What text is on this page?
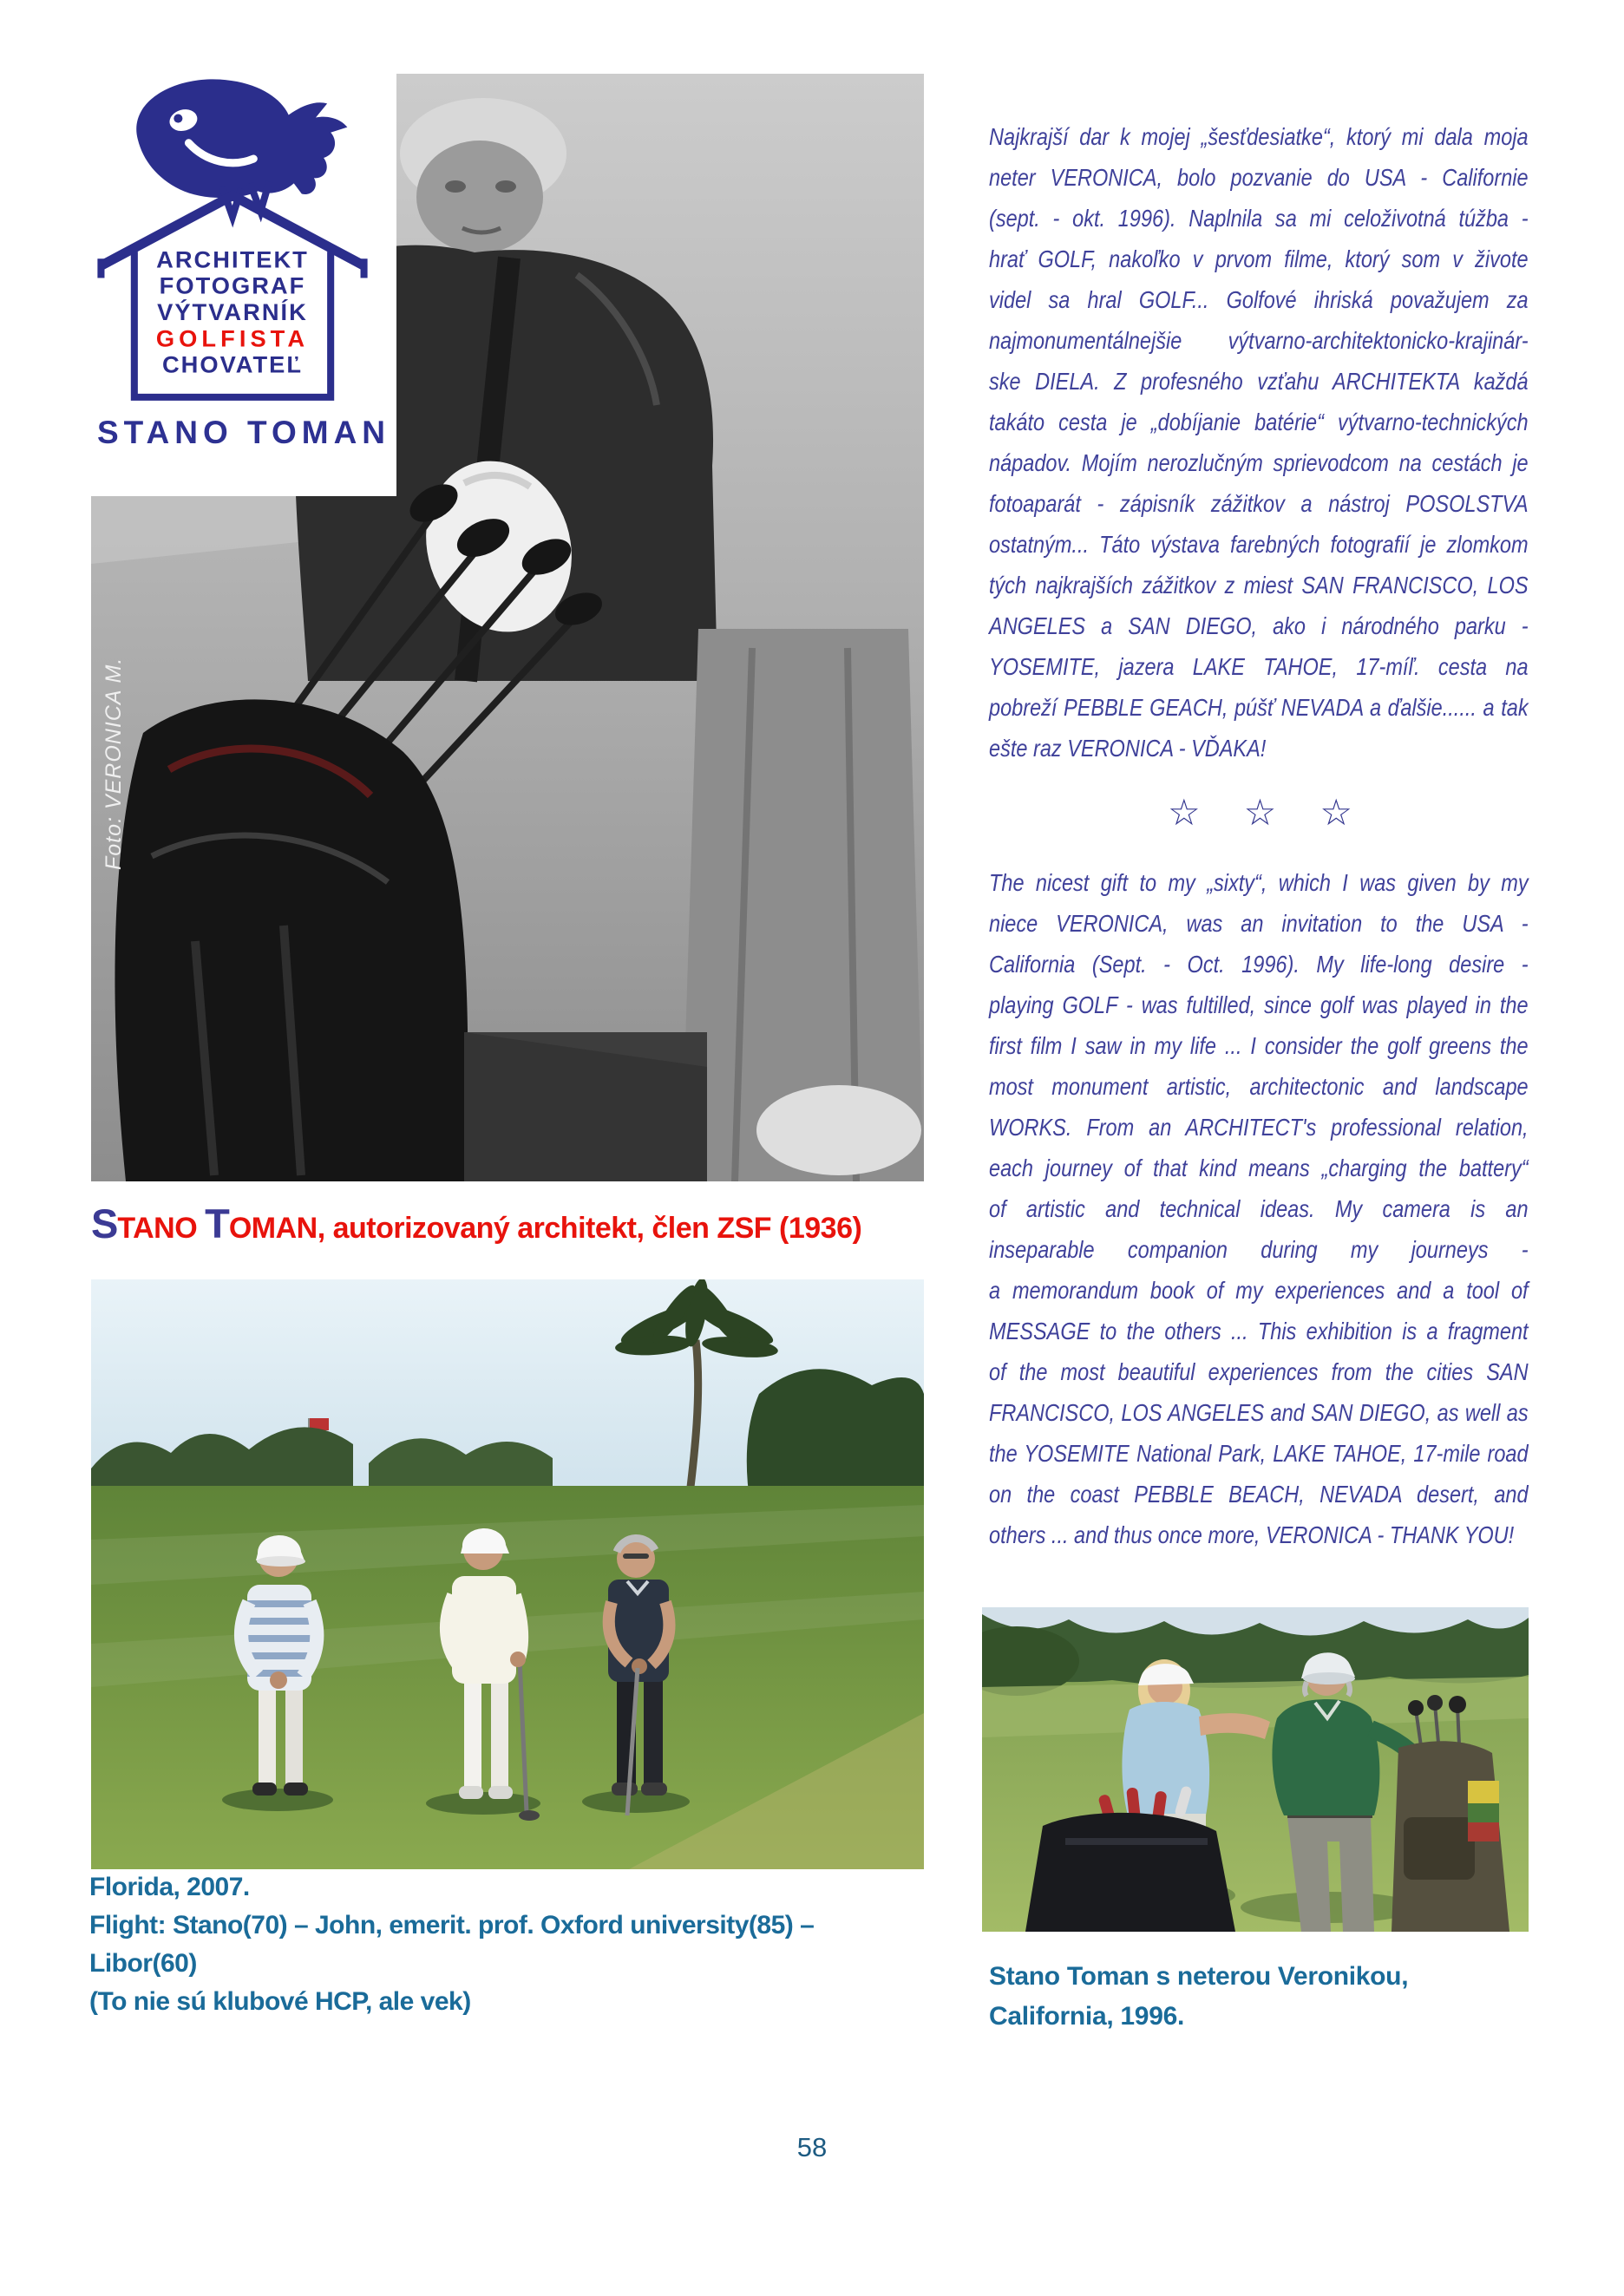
Foto: VERONICA M.
ARCHITEKT
FOTOGRAF
VÝTVARNÍK
GOLFISTA
CHOVATEĽ
STANO TOMAN
STANO TOMAN, autorizovaný architekt, člen ZSF (1936)
Florida, 2007.
Flight: Stano(70) – John, emerit. prof. Oxford university(85) –
Libor(60)
(To nie sú klubové HCP, ale vek)
Najkrajší dar k mojej „šesťdesiatke“, ktorý mi dala moja
neter VERONICA, bolo pozvanie do USA - Californie
(sept. - okt. 1996). Naplnila sa mi celoživotná túžba -
hrať GOLF, nakoľko v prvom filme, ktorý som v živote
videl sa hral GOLF... Golfové ihriská považujem za
najmonumentálnejšie výtvarno-architektonicko-krajinár-
ske DIELA. Z profesného vzťahu ARCHITEKTA každá
takáto cesta je „dobíjanie batérie“ výtvarno-technických
nápadov. Mojím nerozlučným sprievodcom na cestách je
fotoaparát - zápisník zážitkov a nástroj POSOLSTVA
ostatným... Táto výstava farebných fotografií je zlomkom
tých najkrajších zážitkov z miest SAN FRANCISCO, LOS
ANGELES a SAN DIEGO, ako i národného parku -
YOSEMITE, jazera LAKE TAHOE, 17-míľ. cesta na
pobreží PEBBLE GEACH, púšť NEVADA a ďalšie...... a tak
ešte raz VERONICA - VĎAKA!
☆ ☆ ☆
The nicest gift to my „sixty“, which I was given by my
niece VERONICA, was an invitation to the USA -
California (Sept. - Oct. 1996). My life-long desire -
playing GOLF - was fultilled, since golf was played in the
first film I saw in my life ... I consider the golf greens the
most monument artistic, architectonic and landscape
WORKS. From an ARCHITECT's professional relation,
each journey of that kind means „charging the battery“
of artistic and technical ideas. My camera is an
inseparable companion during my journeys -
a memorandum book of my experiences and a tool of
MESSAGE to the others ... This exhibition is a fragment
of the most beautiful experiences from the cities SAN
FRANCISCO, LOS ANGELES and SAN DIEGO, as well as
the YOSEMITE National Park, LAKE TAHOE, 17-mile road
on the coast PEBBLE BEACH, NEVADA desert, and
others ... and thus once more, VERONICA - THANK YOU!
Stano Toman s neterou Veronikou,
California, 1996.
58
